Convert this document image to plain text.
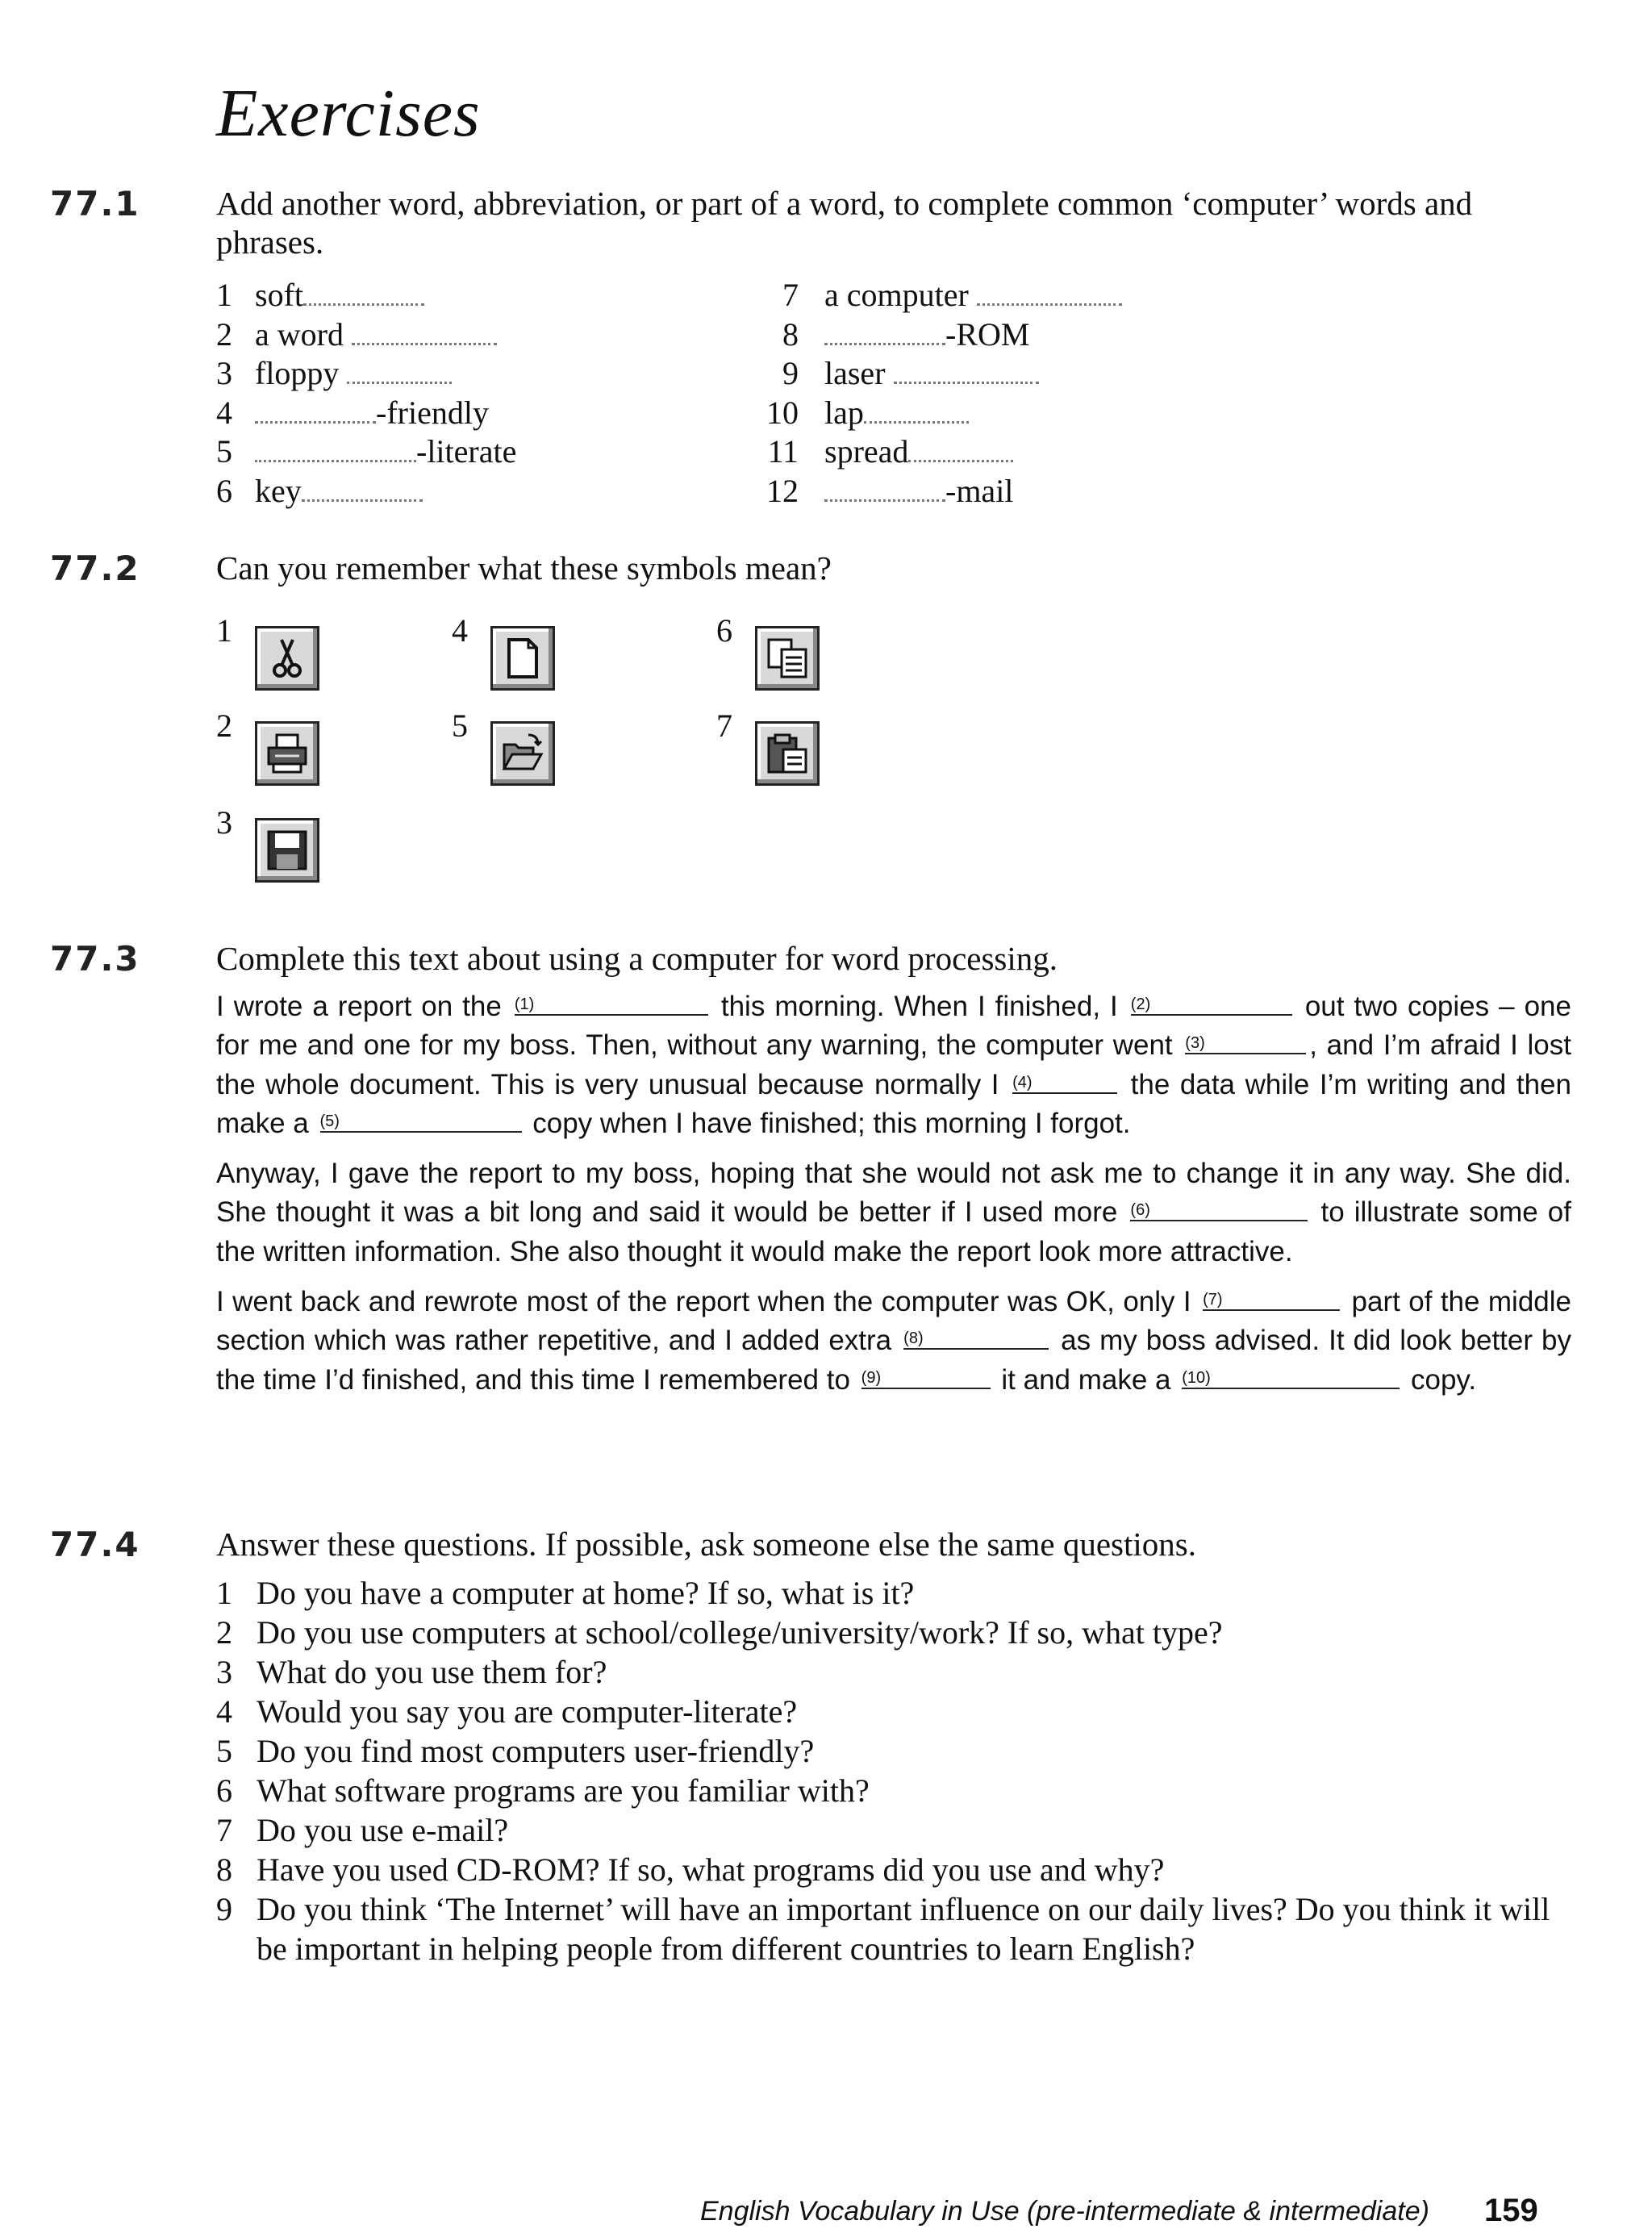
Exercises
77.1 Add another word, abbreviation, or part of a word, to complete common ‘computer’ words and phrases.

1 soft
2 a word
3 floppy
4	-friendly
5	-literate
6 key
7 a computer
8	-ROM
9 laser
10 lap
11 spread
12	-mail
77.2 Can you remember what these symbols mean?

1
2
3
4
5
6
7
77.3 Complete this text about using a computer for word processing.

I wrote a report on the (1)	this morning. When I finished, I (2)	out two copies – one for me and one for my boss. Then, without any warning, the computer went (3)	, and I’m afraid I lost the whole document. This is very unusual because normally I (4)	the data while I’m writing and then make a (5)	copy when I have finished; this morning I forgot.

Anyway, I gave the report to my boss, hoping that she would not ask me to change it in any way. She did. She thought it was a bit long and said it would be better if I used more (6)	to illustrate some of the written information. She also thought it would make the report look more attractive.

I went back and rewrote most of the report when the computer was OK, only I (7)	part of the middle section which was rather repetitive, and I added extra (8)	as my boss advised. It did look better by the time I’d finished, and this time I remembered to (9)	it and make a (10)	copy.

77.4 Answer these questions. If possible, ask someone else the same questions.

1 Do you have a computer at home? If so, what is it?
2 Do you use computers at school/college/university/work? If so, what type?
3 What do you use them for?
4 Would you say you are computer-literate?
5 Do you find most computers user-friendly?
6 What software programs are you familiar with?
7 Do you use e-mail?
8 Have you used CD-ROM? If so, what programs did you use and why?
9 Do you think ‘The Internet’ will have an important influence on our daily lives? Do you think it will be important in helping people from different countries to learn English?
English Vocabulary in Use (pre-intermediate & intermediate) 159
